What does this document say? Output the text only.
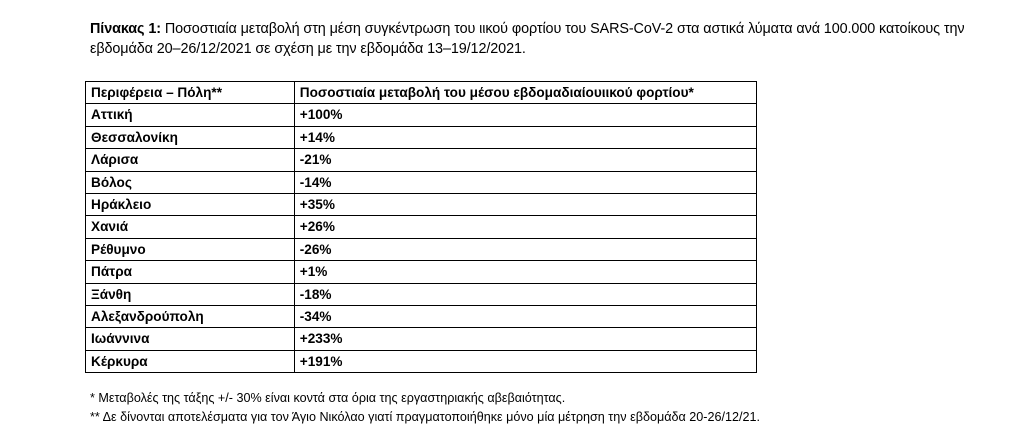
Πίνακας 1: Ποσοστιαία μεταβολή στη μέση συγκέντρωση του ιικού φορτίου του SARS-CoV-2 στα αστικά λύματα ανά 100.000 κατοίκους την εβδομάδα 20–26/12/2021 σε σχέση με την εβδομάδα 13–19/12/2021.
Περιφέρεια – Πόλη**	Ποσοστιαία μεταβολή του μέσου εβδομαδιαίουιικού φορτίου*
Αττική	+100%
Θεσσαλονίκη	+14%
Λάρισα	-21%
Βόλος	-14%
Ηράκλειο	+35%
Χανιά	+26%
Ρέθυμνο	-26%
Πάτρα	+1%
Ξάνθη	-18%
Αλεξανδρούπολη	-34%
Ιωάννινα	+233%
Κέρκυρα	+191%
* Μεταβολές της τάξης +/- 30% είναι κοντά στα όρια της εργαστηριακής αβεβαιότητας.
** Δε δίνονται αποτελέσματα για τον Άγιο Νικόλαο γιατί πραγματοποιήθηκε μόνο μία μέτρηση την εβδομάδα 20-26/12/21.
